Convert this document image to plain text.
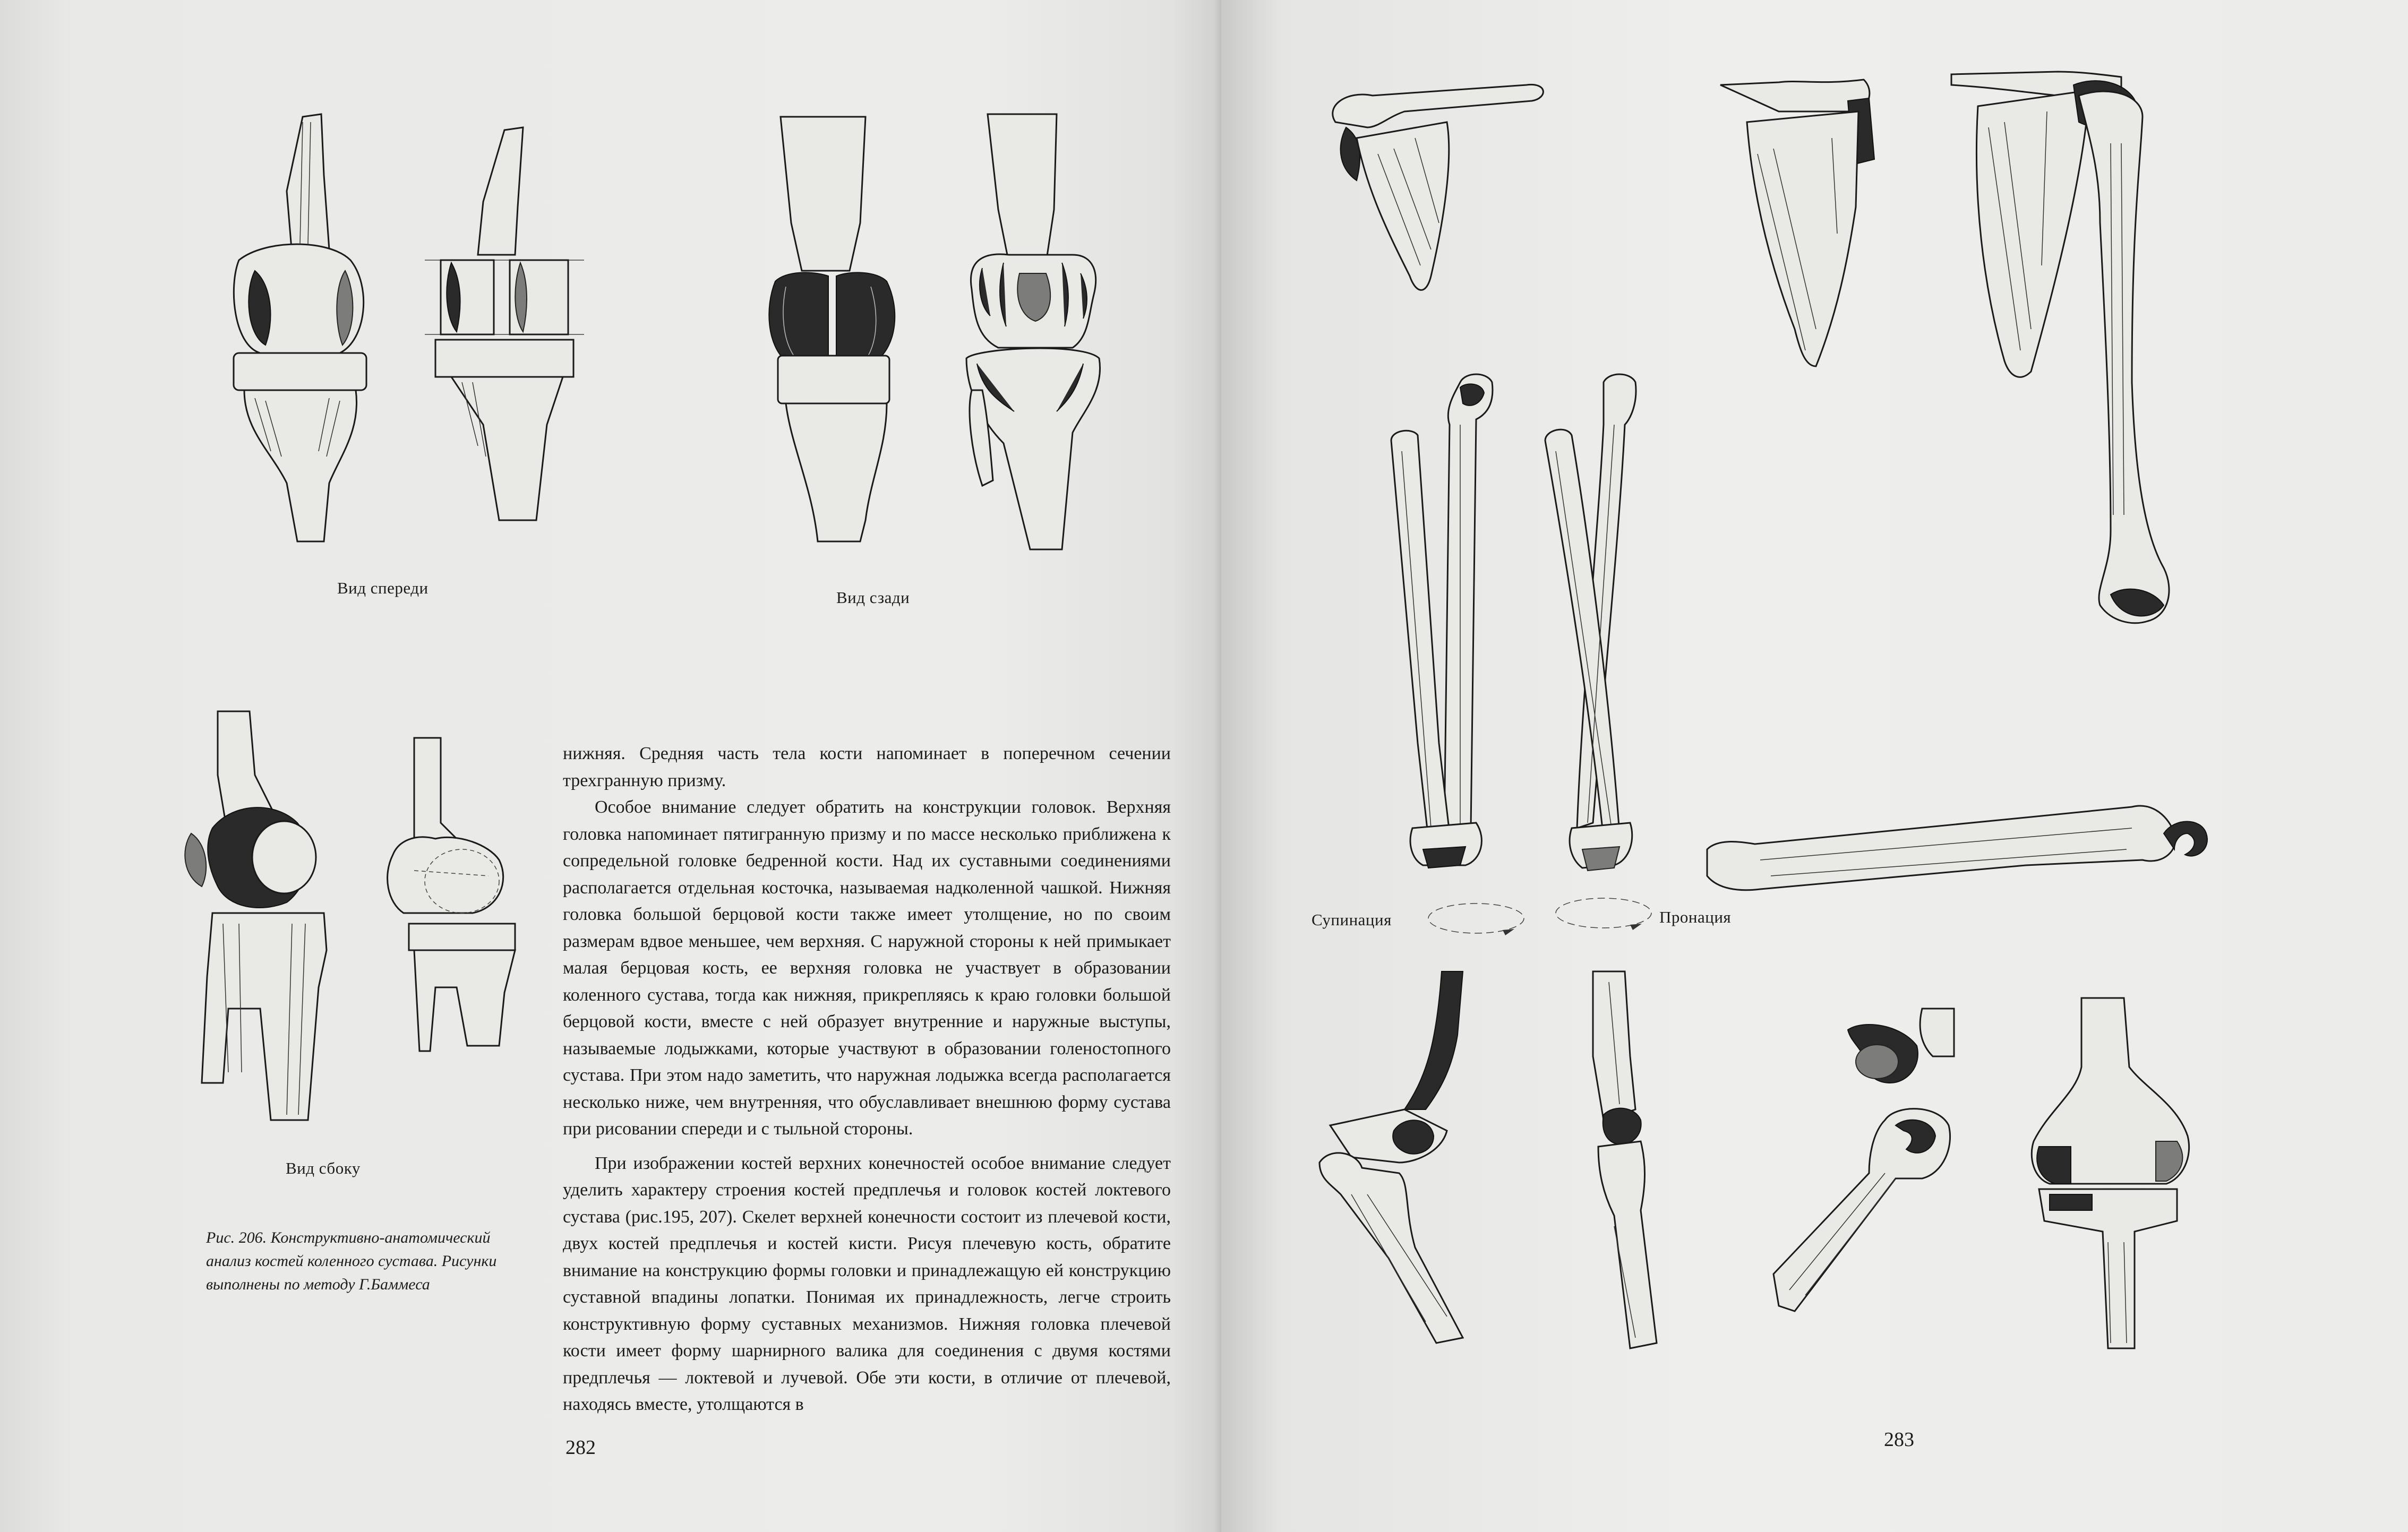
Вид спереди
Вид сзади
Вид сбоку
Рис. 206. Конструктивно-анатомический анализ костей коленного сустава. Рисунки выполнены по методу Г.Баммеса

нижняя. Средняя часть тела кости напоминает в поперечном сечении трехгранную призму.

Особое внимание следует обратить на конструкции головок. Верхняя головка напоминает пятигранную призму и по массе несколько приближена к сопредельной головке бедренной кости. Над их суставными соединениями располагается отдельная косточка, называемая надколенной чашкой. Нижняя головка большой берцовой кости также имеет утолщение, но по своим размерам вдвое меньшее, чем верхняя. С наружной стороны к ней примыкает малая берцовая кость, ее верхняя головка не участвует в образовании коленного сустава, тогда как нижняя, прикрепляясь к краю головки большой берцовой кости, вместе с ней образует внутренние и наружные выступы, называемые лодыжками, которые участвуют в образовании голеностопного сустава. При этом надо заметить, что наружная лодыжка всегда располагается несколько ниже, чем внутренняя, что обуславливает внешнюю форму сустава при рисовании спереди и с тыльной стороны.

При изображении костей верхних конечностей особое внимание следует уделить характеру строения костей предплечья и головок костей локтевого сустава (рис.195, 207). Скелет верхней конечности состоит из плечевой кости, двух костей предплечья и костей кисти. Рисуя плечевую кость, обратите внимание на конструкцию формы головки и принадлежащую ей конструкцию суставной впадины лопатки. Понимая их принадлежность, легче строить конструктивную форму суставных механизмов. Нижняя головка плечевой кости имеет форму шарнирного валика для соединения с двумя костями предплечья — локтевой и лучевой. Обе эти кости, в отличие от плечевой, находясь вместе, утолщаются в

282
Супинация	Пронация
283
